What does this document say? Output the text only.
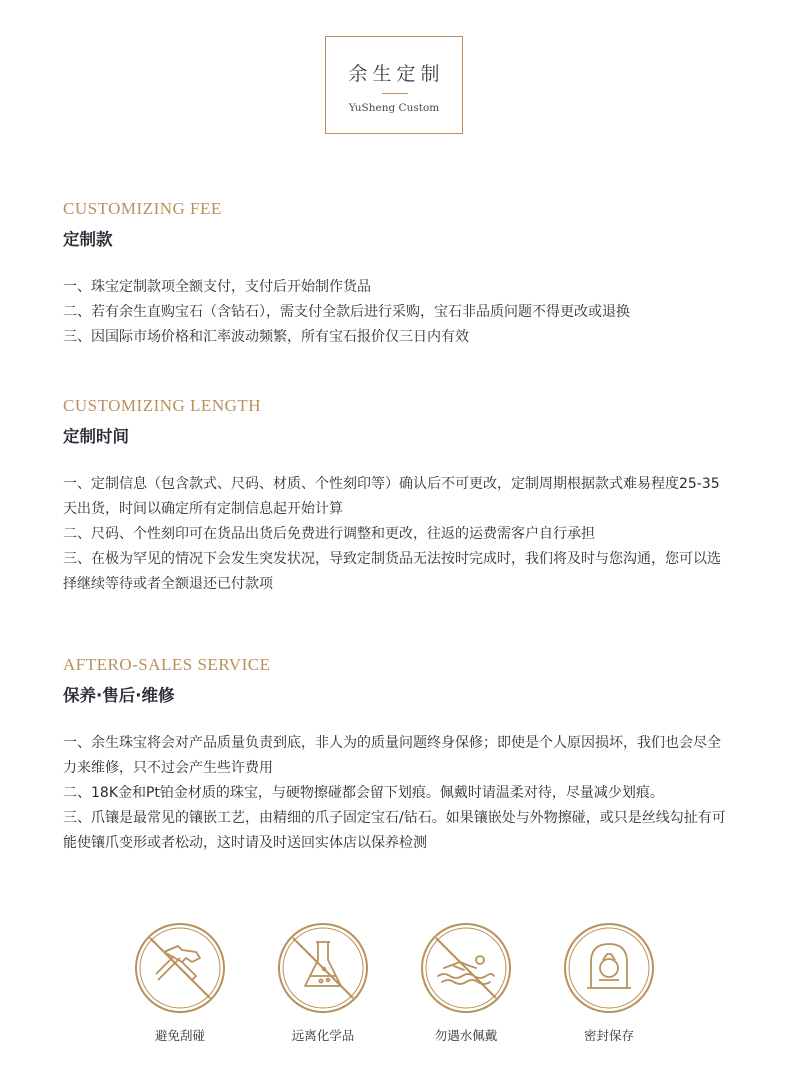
余生定制
YuSheng Custom
CUSTOMIZING FEE
定制款

一、珠宝定制款项全额支付，支付后开始制作货品

二、若有余生直购宝石（含钻石），需支付全款后进行采购，宝石非品质问题不得更改或退换

三、因国际市场价格和汇率波动频繁，所有宝石报价仅三日内有效

CUSTOMIZING LENGTH
定制时间

一、定制信息（包含款式、尺码、材质、个性刻印等）确认后不可更改，定制周期根据款式难易程度25-35天出货，时间以确定所有定制信息起开始计算

二、尺码、个性刻印可在货品出货后免费进行调整和更改，往返的运费需客户自行承担

三、在极为罕见的情况下会发生突发状况，导致定制货品无法按时完成时，我们将及时与您沟通，您可以选择继续等待或者全额退还已付款项

AFTERO-SALES SERVICE
保养·售后·维修

一、余生珠宝将会对产品质量负责到底，非人为的质量问题终身保修；即使是个人原因损坏，我们也会尽全力来维修，只不过会产生些许费用

二、18K金和Pt铂金材质的珠宝，与硬物擦碰都会留下划痕。佩戴时请温柔对待，尽量减少划痕。

三、爪镶是最常见的镶嵌工艺，由精细的爪子固定宝石/钻石。如果镶嵌处与外物擦碰，或只是丝线勾扯有可能使镶爪变形或者松动，这时请及时送回实体店以保养检测

避免刮碰	远离化学品	勿遇水佩戴	密封保存
